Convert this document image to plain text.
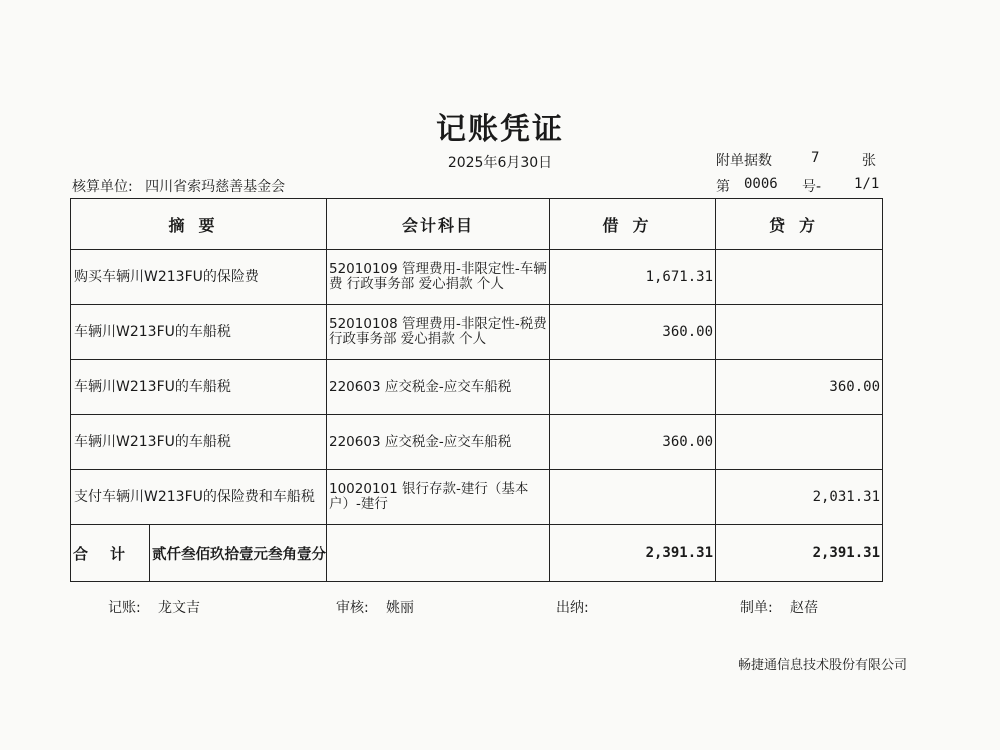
记账凭证
2025年6月30日	附单据数	7	张
核算单位: 四川省索玛慈善基金会	第 0006 号- 1/1
摘要	会计科目	借方	贷方
购买车辆川W213FU的保险费	52010109 管理费用-非限定性-车辆费 行政事务部 爱心捐款 个人	1,671.31	
车辆川W213FU的车船税	52010108 管理费用-非限定性-税费 行政事务部 爱心捐款 个人	360.00	
车辆川W213FU的车船税	220603 应交税金-应交车船税		360.00
车辆川W213FU的车船税	220603 应交税金-应交车船税	360.00	
支付车辆川W213FU的保险费和车船税	10020101 银行存款-建行（基本户）-建行		2,031.31

合计 贰仟叁佰玖拾壹元叁角壹分		2,391.31	2,391.31
记账: 龙文吉	审核: 姚丽	出纳:	制单: 赵蓓
畅捷通信息技术股份有限公司
